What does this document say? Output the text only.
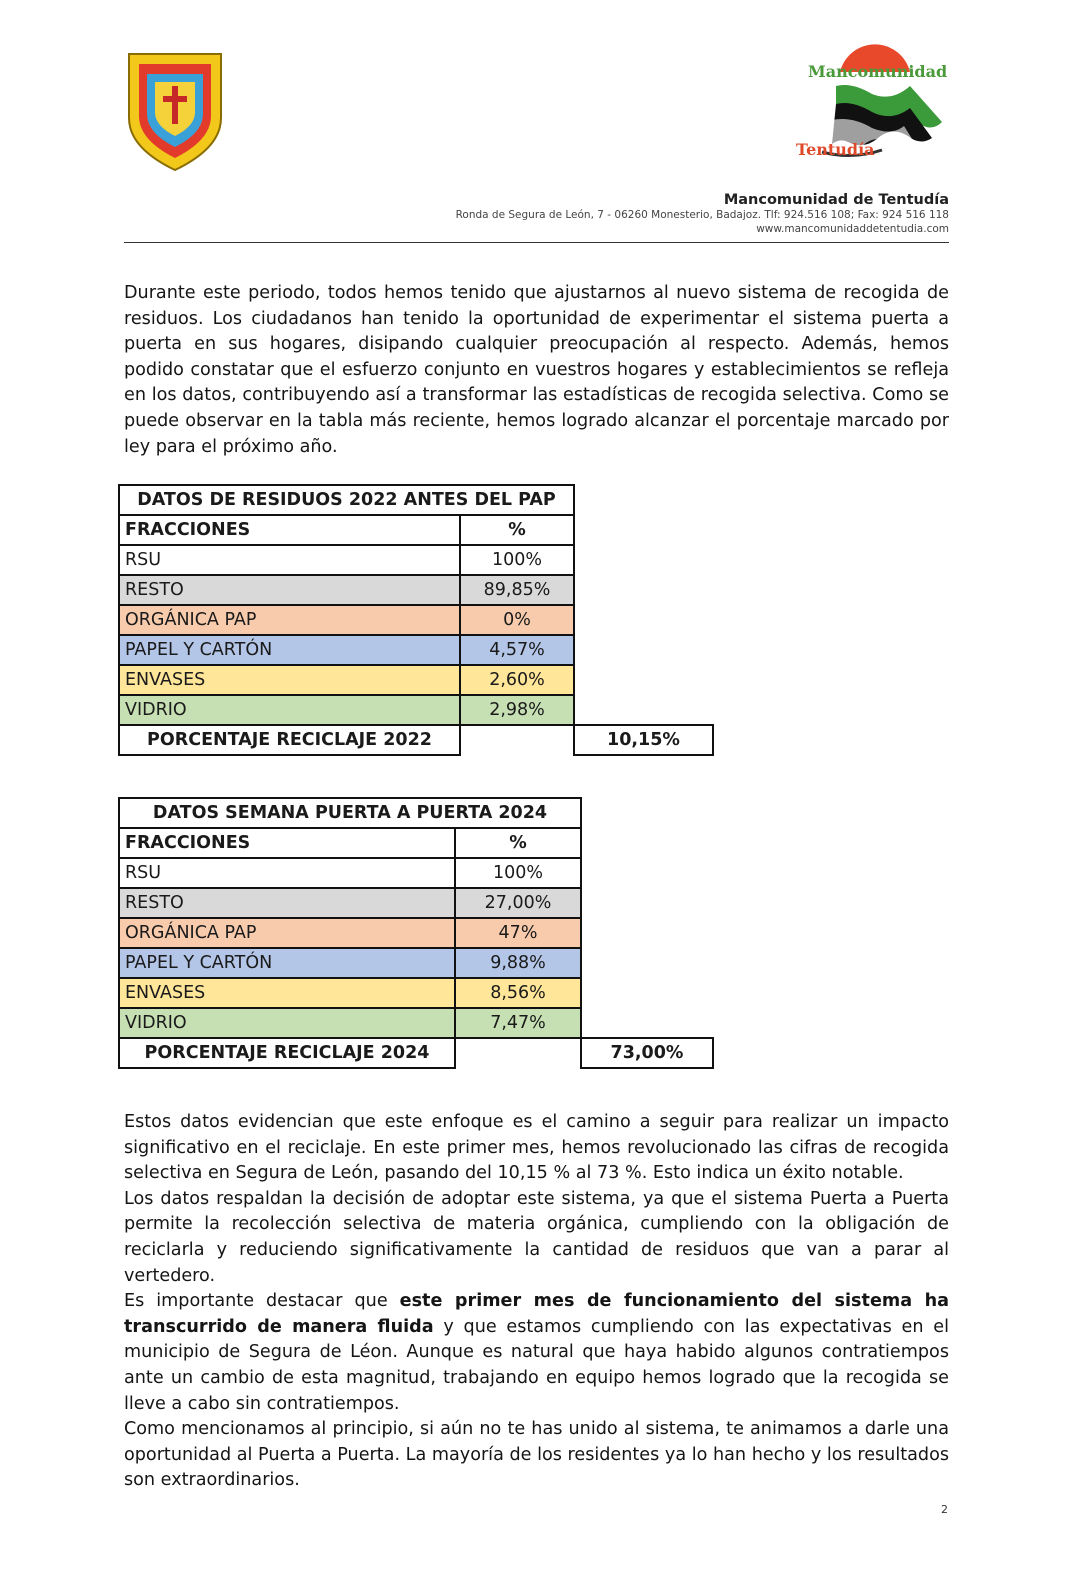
Mancomunidad
Tentudía
Mancomunidad de Tentudía
Ronda de Segura de León, 7 - 06260 Monesterio, Badajoz. Tlf: 924.516 108; Fax: 924 516 118
www.mancomunidaddetentudia.com

Durante este periodo, todos hemos tenido que ajustarnos al nuevo sistema de recogida de residuos. Los ciudadanos han tenido la oportunidad de experimentar el sistema puerta a puerta en sus hogares, disipando cualquier preocupación al respecto. Además, hemos podido constatar que el esfuerzo conjunto en vuestros hogares y establecimientos se refleja en los datos, contribuyendo así a transformar las estadísticas de recogida selectiva. Como se puede observar en la tabla más reciente, hemos logrado alcanzar el porcentaje marcado por ley para el próximo año.

DATOS DE RESIDUOS 2022 ANTES DEL PAP		
FRACCIONES	%	
RSU	100%	
RESTO	89,85%	
ORGÁNICA PAP	0%	
PAPEL Y CARTÓN	4,57%	
ENVASES	2,60%	
VIDRIO	2,98%	
PORCENTAJE RECICLAJE 2022		10,15%
DATOS SEMANA PUERTA A PUERTA 2024		
FRACCIONES	%	
RSU	100%	
RESTO	27,00%	
ORGÁNICA PAP	47%	
PAPEL Y CARTÓN	9,88%	
ENVASES	8,56%	
VIDRIO	7,47%	
PORCENTAJE RECICLAJE 2024		73,00%

Estos datos evidencian que este enfoque es el camino a seguir para realizar un impacto significativo en el reciclaje. En este primer mes, hemos revolucionado las cifras de recogida selectiva en Segura de León, pasando del 10,15 % al 73 %. Esto indica un éxito notable.

Los datos respaldan la decisión de adoptar este sistema, ya que el sistema Puerta a Puerta permite la recolección selectiva de materia orgánica, cumpliendo con la obligación de reciclarla y reduciendo significativamente la cantidad de residuos que van a parar al vertedero.

Es importante destacar que este primer mes de funcionamiento del sistema ha transcurrido de manera fluida y que estamos cumpliendo con las expectativas en el municipio de Segura de Léon. Aunque es natural que haya habido algunos contratiempos ante un cambio de esta magnitud, trabajando en equipo hemos logrado que la recogida se lleve a cabo sin contratiempos.

Como mencionamos al principio, si aún no te has unido al sistema, te animamos a darle una oportunidad al Puerta a Puerta. La mayoría de los residentes ya lo han hecho y los resultados son extraordinarios.

2
